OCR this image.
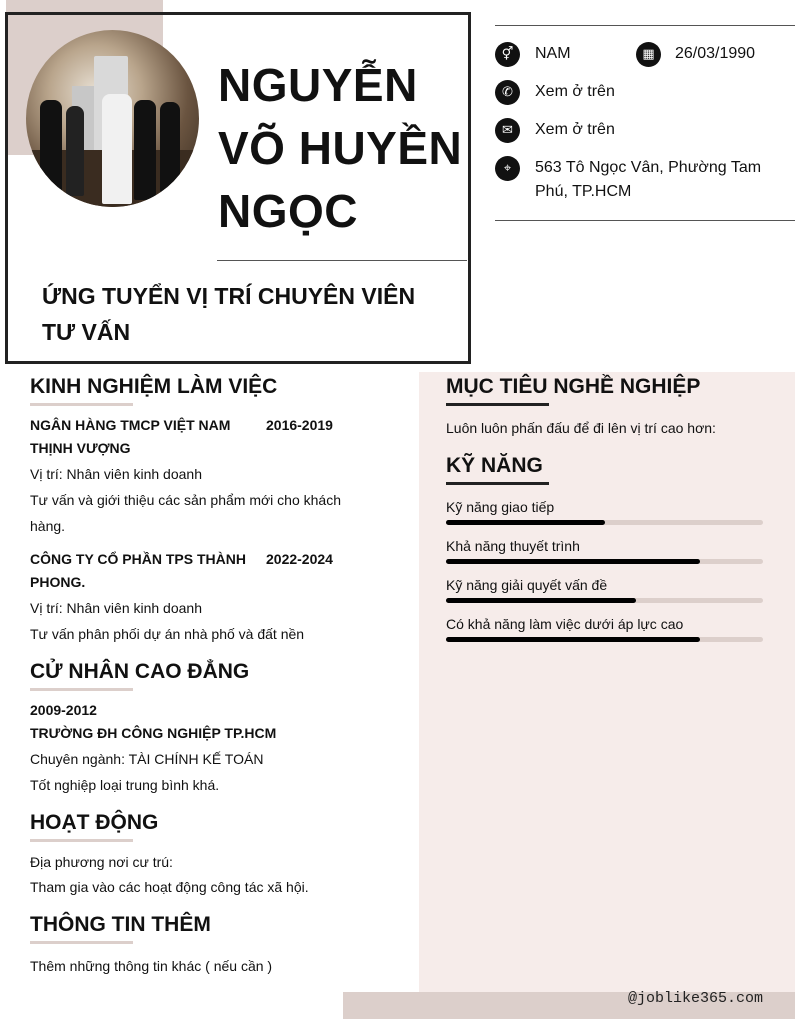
NGUYỄN
VÕ HUYỀN
NGỌC
ỨNG TUYỂN VỊ TRÍ CHUYÊN VIÊN
TƯ VẤN
⚥	NAM	▦	26/03/1990
✆	Xem ở trên
✉	Xem ở trên
⌖	563 Tô Ngọc Vân, Phường Tam
Phú, TP.HCM
KINH NGHIỆM LÀM VIỆC
NGÂN HÀNG TMCP VIỆT NAM
THỊNH VƯỢNG
2016-2019
Vị trí: Nhân viên kinh doanh
Tư vấn và giới thiệu các sản phẩm mới cho khách
hàng.
CÔNG TY CỔ PHẦN TPS THÀNH
PHONG.
2022-2024
Vị trí: Nhân viên kinh doanh
Tư vấn phân phối dự án nhà phố và đất nền
CỬ NHÂN CAO ĐẲNG
2009-2012
TRƯỜNG ĐH CÔNG NGHIỆP TP.HCM
Chuyên ngành: TÀI CHÍNH KẾ TOÁN
Tốt nghiệp loại trung bình khá.
HOẠT ĐỘNG
Địa phương nơi cư trú:
Tham gia vào các hoạt động công tác xã hội.
THÔNG TIN THÊM
Thêm những thông tin khác ( nếu cần )
MỤC TIÊU NGHỀ NGHIỆP
Luôn luôn phấn đấu để đi lên vị trí cao hơn:
KỸ NĂNG
Kỹ năng giao tiếp
Khả năng thuyết trình
Kỹ năng giải quyết vấn đề
Có khả năng làm việc dưới áp lực cao
@joblike365.com
